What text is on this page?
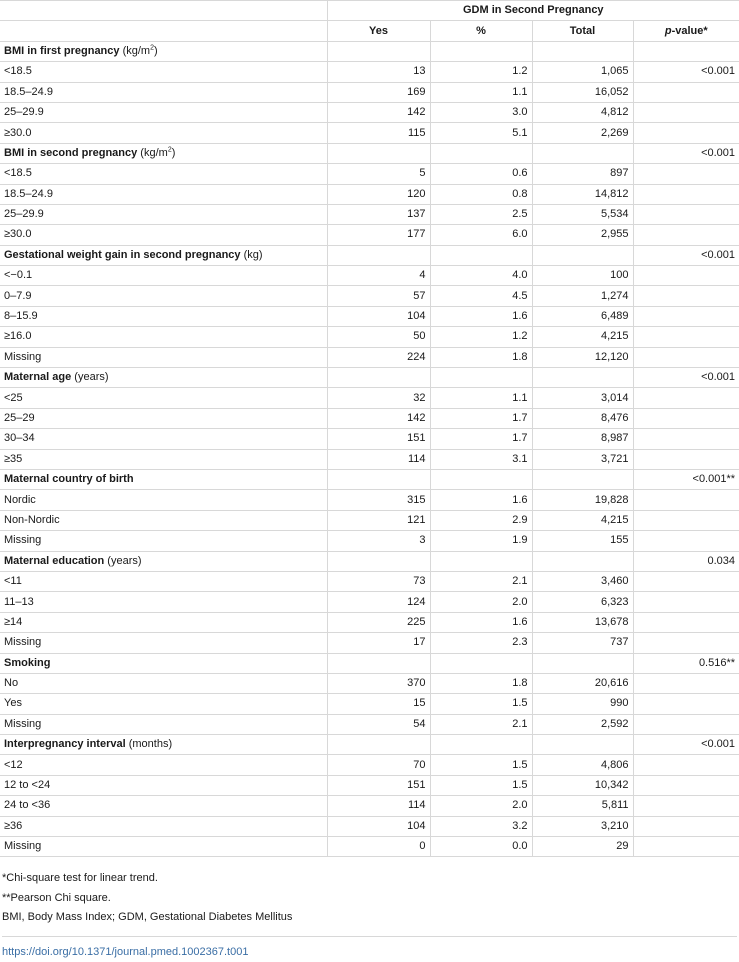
	GDM in Second Pregnancy			
	Yes	%	Total	p-value*
BMI in first pregnancy $(kg/m^2)$				
<18.5	13	1.2	1,065	<0.001
18.5–24.9	169	1.1	16,052	
25–29.9	142	3.0	4,812	
≥30.0	115	5.1	2,269	
BMI in second pregnancy $(kg/m^2)$				<0.001
<18.5	5	0.6	897	
18.5–24.9	120	0.8	14,812	
25–29.9	137	2.5	5,534	
≥30.0	177	6.0	2,955	
Gestational weight gain in second pregnancy (kg)				<0.001
<−0.1	4	4.0	100	
0–7.9	57	4.5	1,274	
8–15.9	104	1.6	6,489	
≥16.0	50	1.2	4,215	
Missing	224	1.8	12,120	
Maternal age (years)				<0.001
<25	32	1.1	3,014	
25–29	142	1.7	8,476	
30–34	151	1.7	8,987	
≥35	114	3.1	3,721	
Maternal country of birth				<0.001**
Nordic	315	1.6	19,828	
Non-Nordic	121	2.9	4,215	
Missing	3	1.9	155	
Maternal education (years)				0.034
<11	73	2.1	3,460	
11–13	124	2.0	6,323	
≥14	225	1.6	13,678	
Missing	17	2.3	737	
Smoking				0.516**
No	370	1.8	20,616	
Yes	15	1.5	990	
Missing	54	2.1	2,592	
Interpregnancy interval (months)				<0.001
<12	70	1.5	4,806	
12 to <24	151	1.5	10,342	
24 to <36	114	2.0	5,811	
≥36	104	3.2	3,210	
Missing	0	0.0	29	
*Chi-square test for linear trend.
**Pearson Chi square.
BMI, Body Mass Index; GDM, Gestational Diabetes Mellitus
https://doi.org/10.1371/journal.pmed.1002367.t001
